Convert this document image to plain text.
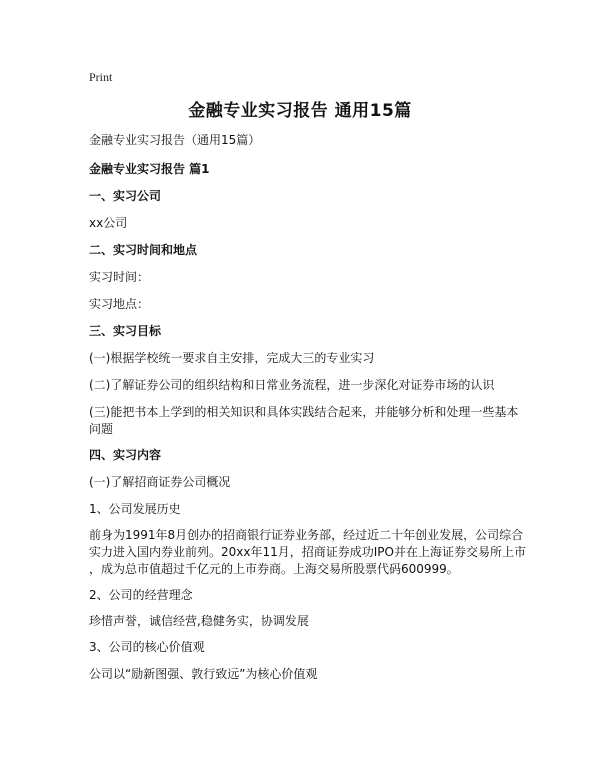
Print
金融专业实习报告 通用15篇
金融专业实习报告（通用15篇）
金融专业实习报告 篇1
一、实习公司
xx公司
二、实习时间和地点
实习时间：
实习地点：
三、实习目标
(一)根据学校统一要求自主安排，完成大三的专业实习
(二)了解证券公司的组织结构和日常业务流程，进一步深化对证券市场的认识
(三)能把书本上学到的相关知识和具体实践结合起来，并能够分析和处理一些基本
问题
四、实习内容
(一)了解招商证券公司概况
1、公司发展历史
前身为1991年8月创办的招商银行证券业务部，经过近二十年创业发展，公司综合
实力进入国内券业前列。20xx年11月，招商证券成功IPO并在上海证券交易所上市
，成为总市值超过千亿元的上市券商。上海交易所股票代码600999。
2、公司的经营理念
珍惜声誉，诚信经营,稳健务实，协调发展
3、公司的核心价值观
公司以“励新图强、敦行致远”为核心价值观
